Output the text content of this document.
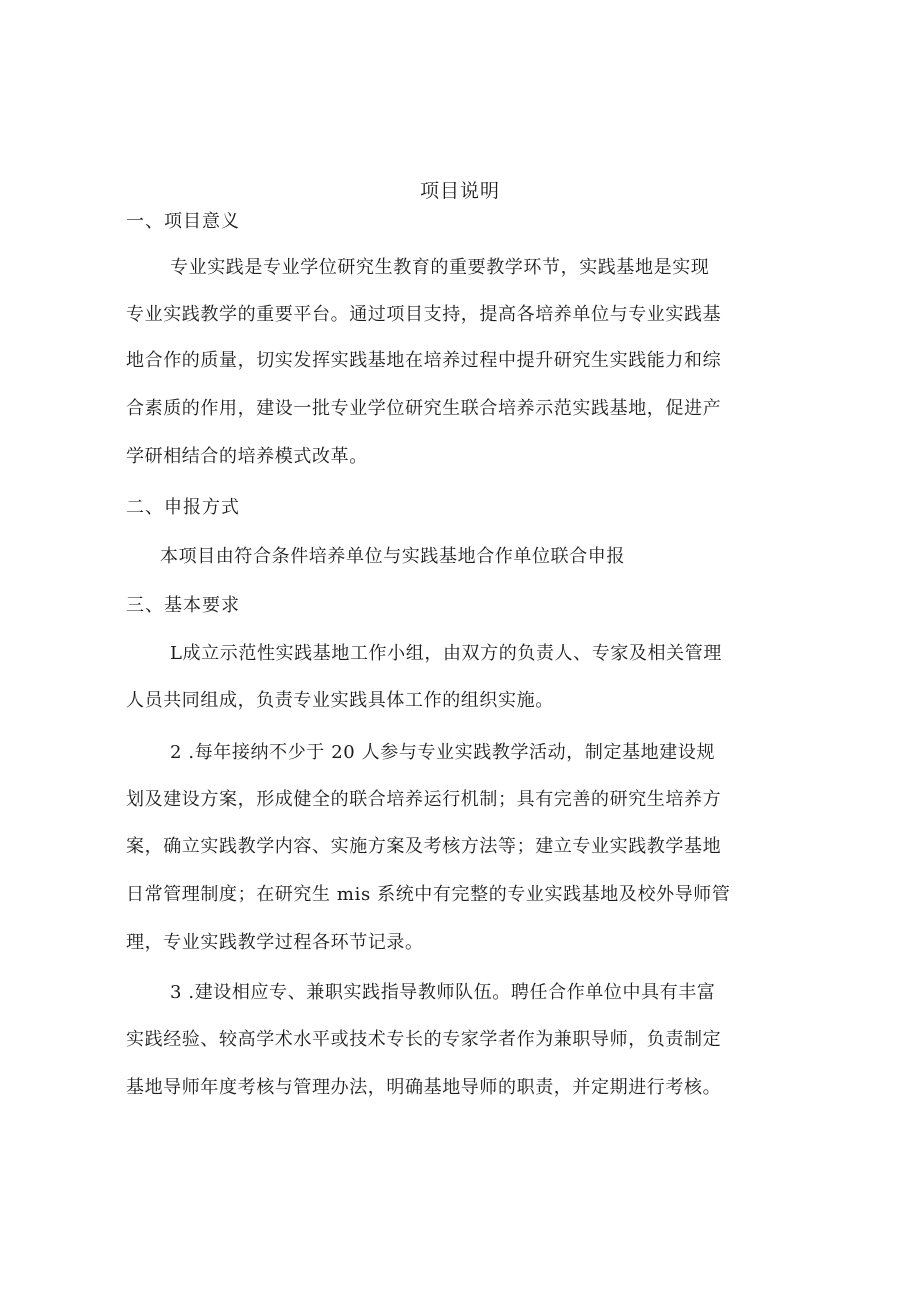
项目说明
一、项目意义
专业实践是专业学位研究生教育的重要教学环节，实践基地是实现
专业实践教学的重要平台。通过项目支持，提高各培养单位与专业实践基
地合作的质量，切实发挥实践基地在培养过程中提升研究生实践能力和综
合素质的作用，建设一批专业学位研究生联合培养示范实践基地，促进产
学研相结合的培养模式改革。
二、申报方式
本项目由符合条件培养单位与实践基地合作单位联合申报
三、基本要求
L成立示范性实践基地工作小组，由双方的负责人、专家及相关管理
人员共同组成，负责专业实践具体工作的组织实施。
2 .每年接纳不少于 20 人参与专业实践教学活动，制定基地建设规
划及建设方案，形成健全的联合培养运行机制；具有完善的研究生培养方
案，确立实践教学内容、实施方案及考核方法等；建立专业实践教学基地
日常管理制度；在研究生 mis 系统中有完整的专业实践基地及校外导师管
理，专业实践教学过程各环节记录。
3 .建设相应专、兼职实践指导教师队伍。聘任合作单位中具有丰富
实践经验、较高学术水平或技术专长的专家学者作为兼职导师，负责制定
基地导师年度考核与管理办法，明确基地导师的职责，并定期进行考核。
